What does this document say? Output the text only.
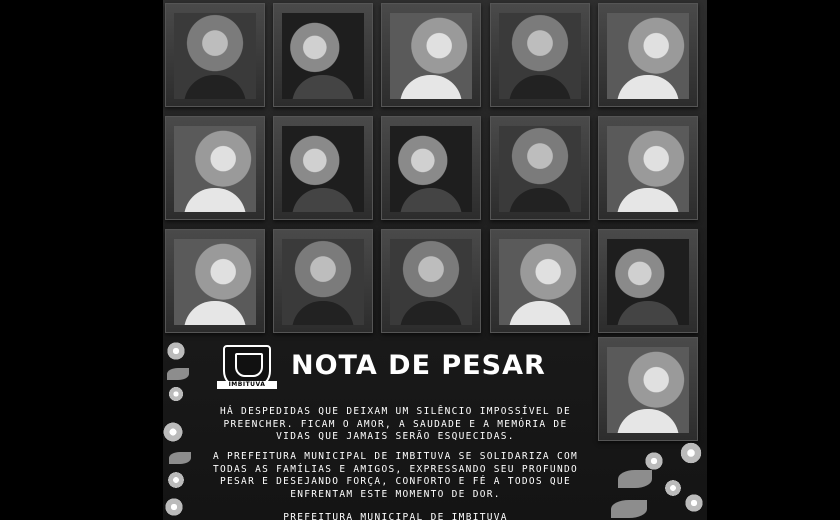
IMBITUVA
NOTA DE PESAR
HÁ DESPEDIDAS QUE DEIXAM UM SILÊNCIO IMPOSSÍVEL DE PREENCHER. FICAM O AMOR, A SAUDADE E A MEMÓRIA DE VIDAS QUE JAMAIS SERÃO ESQUECIDAS.
A PREFEITURA MUNICIPAL DE IMBITUVA SE SOLIDARIZA COM TODAS AS FAMÍLIAS E AMIGOS, EXPRESSANDO SEU PROFUNDO PESAR E DESEJANDO FORÇA, CONFORTO E FÉ A TODOS QUE ENFRENTAM ESTE MOMENTO DE DOR.
PREFEITURA MUNICIPAL DE IMBITUVA
